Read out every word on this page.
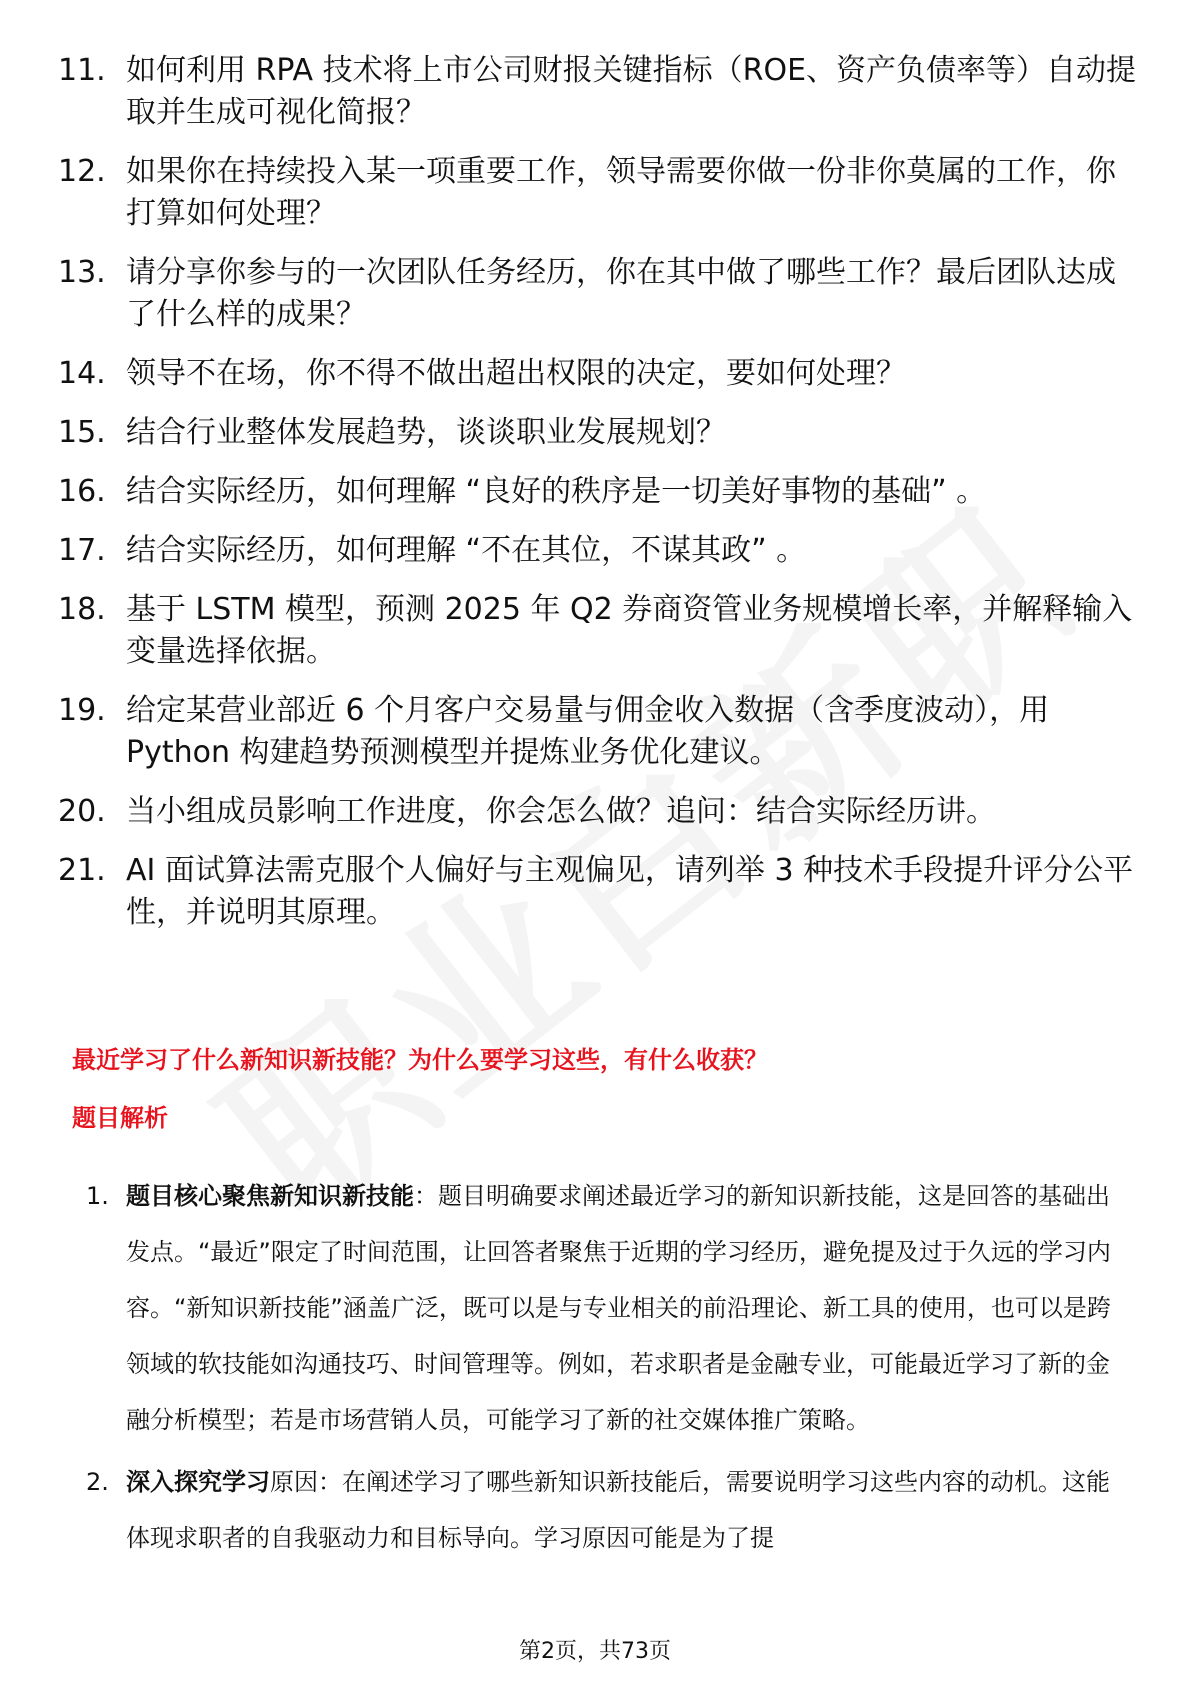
11. 如何利用 RPA 技术将上市公司财报关键指标（ROE、资产负债率等）自动提取并生成可视化简报？
12. 如果你在持续投入某一项重要工作，领导需要你做一份非你莫属的工作，你打算如何处理？
13. 请分享你参与的一次团队任务经历，你在其中做了哪些工作？最后团队达成了什么样的成果？
14. 领导不在场，你不得不做出超出权限的决定，要如何处理？
15. 结合行业整体发展趋势，谈谈职业发展规划？
16. 结合实际经历，如何理解 “良好的秩序是一切美好事物的基础” 。
17. 结合实际经历，如何理解 “不在其位，不谋其政” 。
18. 基于 LSTM 模型，预测 2025 年 Q2 券商资管业务规模增长率，并解释输入变量选择依据。
19. 给定某营业部近 6 个月客户交易量与佣金收入数据（含季度波动），用 Python 构建趋势预测模型并提炼业务优化建议。
20. 当小组成员影响工作进度，你会怎么做？追问：结合实际经历讲。
21. AI 面试算法需克服个人偏好与主观偏见，请列举 3 种技术手段提升评分公平性，并说明其原理。
最近学习了什么新知识新技能？为什么要学习这些，有什么收获？
题目解析
1. 题目核心聚焦新知识新技能：题目明确要求阐述最近学习的新知识新技能，这是回答的基础出发点。“最近”限定了时间范围，让回答者聚焦于近期的学习经历，避免提及过于久远的学习内容。“新知识新技能”涵盖广泛，既可以是与专业相关的前沿理论、新工具的使用，也可以是跨领域的软技能如沟通技巧、时间管理等。例如，若求职者是金融专业，可能最近学习了新的金融分析模型；若是市场营销人员，可能学习了新的社交媒体推广策略。
2. 深入探究学习原因：在阐述学习了哪些新知识新技能后，需要说明学习这些内容的动机。这能体现求职者的自我驱动力和目标导向。学习原因可能是为了提
第2页，共73页
